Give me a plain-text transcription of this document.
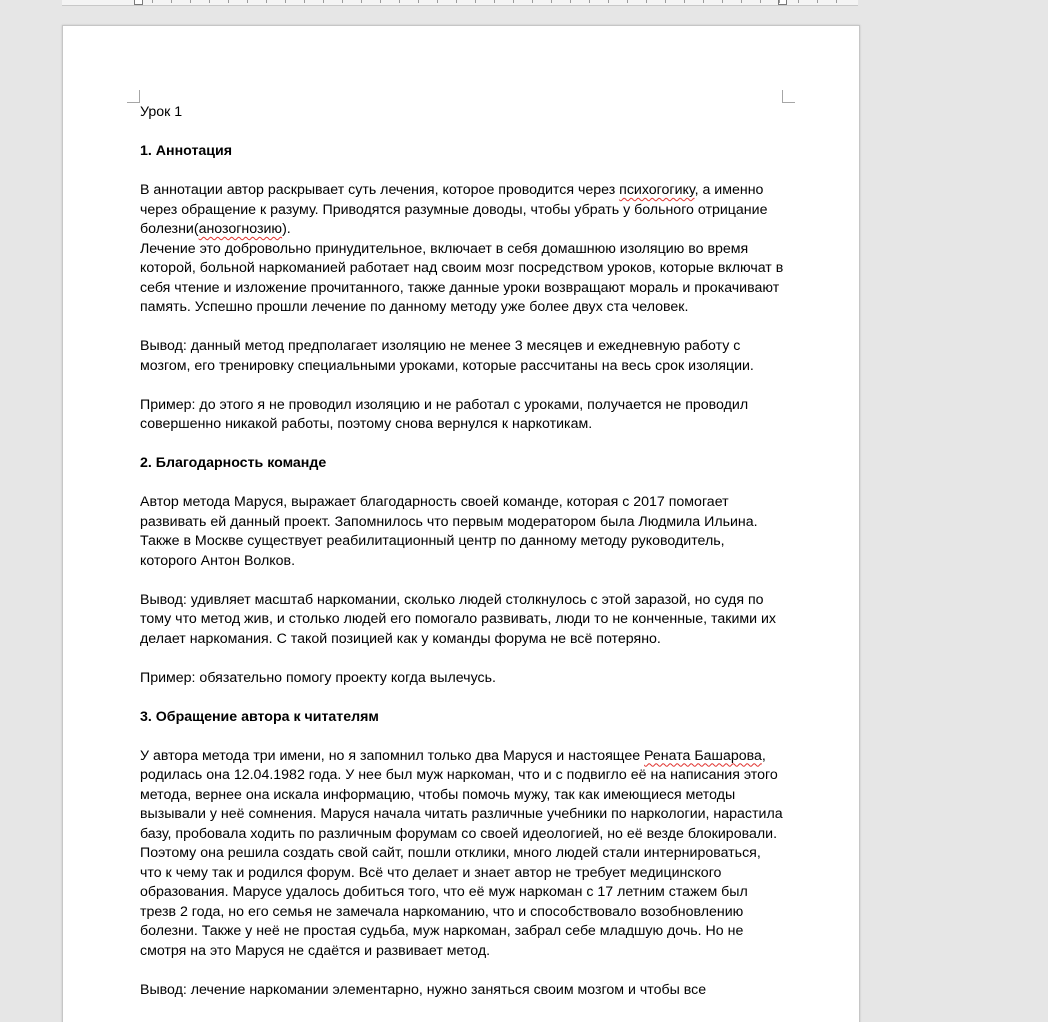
Урок 1

1. Аннотация

В аннотации автор раскрывает суть лечения, которое проводится через психогогику, а именно через обращение к разуму. Приводятся разумные доводы, чтобы убрать у больного отрицание болезни(анозогнозию).

Лечение это добровольно принудительное, включает в себя домашнюю изоляцию во время которой, больной наркоманией работает над своим мозг посредством уроков, которые включат в себя чтение и изложение прочитанного, также данные уроки возвращают мораль и прокачивают память. Успешно прошли лечение по данному методу уже более двух ста человек.

Вывод: данный метод предполагает изоляцию не менее 3 месяцев и ежедневную работу с мозгом, его тренировку специальными уроками, которые рассчитаны на весь срок изоляции.

Пример: до этого я не проводил изоляцию и не работал с уроками, получается не проводил совершенно никакой работы, поэтому снова вернулся к наркотикам.

2. Благодарность команде

Автор метода Маруся, выражает благодарность своей команде, которая с 2017 помогает развивать ей данный проект. Запомнилось что первым модератором была Людмила Ильина. Также в Москве существует реабилитационный центр по данному методу руководитель, которого Антон Волков.

Вывод: удивляет масштаб наркомании, сколько людей столкнулось с этой заразой, но судя по тому что метод жив, и столько людей его помогало развивать, люди то не конченные, такими их делает наркомания. С такой позицией как у команды форума не всё потеряно.

Пример: обязательно помогу проекту когда вылечусь.

3. Обращение автора к читателям

У автора метода три имени, но я запомнил только два Маруся и настоящее Рената Башарова, родилась она 12.04.1982 года. У нее был муж наркоман, что и с подвигло её на написания этого метода, вернее она искала информацию, чтобы помочь мужу, так как имеющиеся методы вызывали у неё сомнения. Маруся начала читать различные учебники по наркологии, нарастила базу, пробовала ходить по различным форумам со своей идеологией, но её везде блокировали. Поэтому она решила создать свой сайт, пошли отклики, много людей стали интернироваться, что к чему так и родился форум. Всё что делает и знает автор не требует медицинского образования. Марусе удалось добиться того, что её муж наркоман с 17 летним стажем был трезв 2 года, но его семья не замечала наркоманию, что и способствовало возобновлению болезни. Также у неё не простая судьба, муж наркоман, забрал себе младшую дочь. Но не смотря на это Маруся не сдаётся и развивает метод.

Вывод: лечение наркомании элементарно, нужно заняться своим мозгом и чтобы все
